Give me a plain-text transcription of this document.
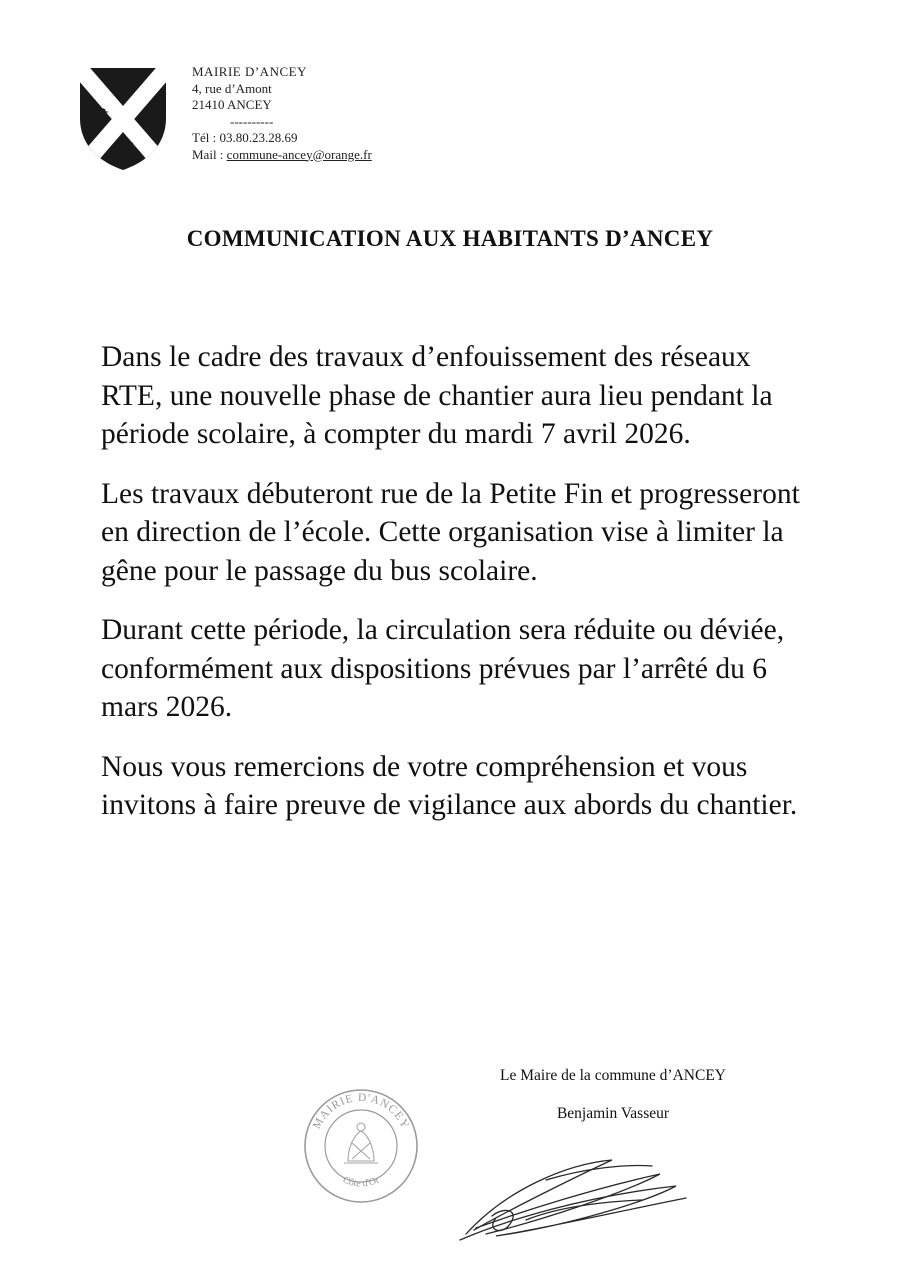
MAIRIE D’ANCEY
4, rue d’Amont
21410 ANCEY
----------
Tél : 03.80.23.28.69
Mail : commune-ancey@orange.fr
COMMUNICATION AUX HABITANTS D’ANCEY

Dans le cadre des travaux d’enfouissement des réseaux RTE, une nouvelle phase de chantier aura lieu pendant la période scolaire, à compter du mardi 7 avril 2026.

Les travaux débuteront rue de la Petite Fin et progresseront en direction de l’école. Cette organisation vise à limiter la gêne pour le passage du bus scolaire.

Durant cette période, la circulation sera réduite ou déviée, conformément aux dispositions prévues par l’arrêté du 6 mars 2026.

Nous vous remercions de votre compréhension et vous invitons à faire preuve de vigilance aux abords du chantier.

Le Maire de la commune d’ANCEY
Benjamin Vasseur
MAIRIE D'ANCEY
Côte d'Or
